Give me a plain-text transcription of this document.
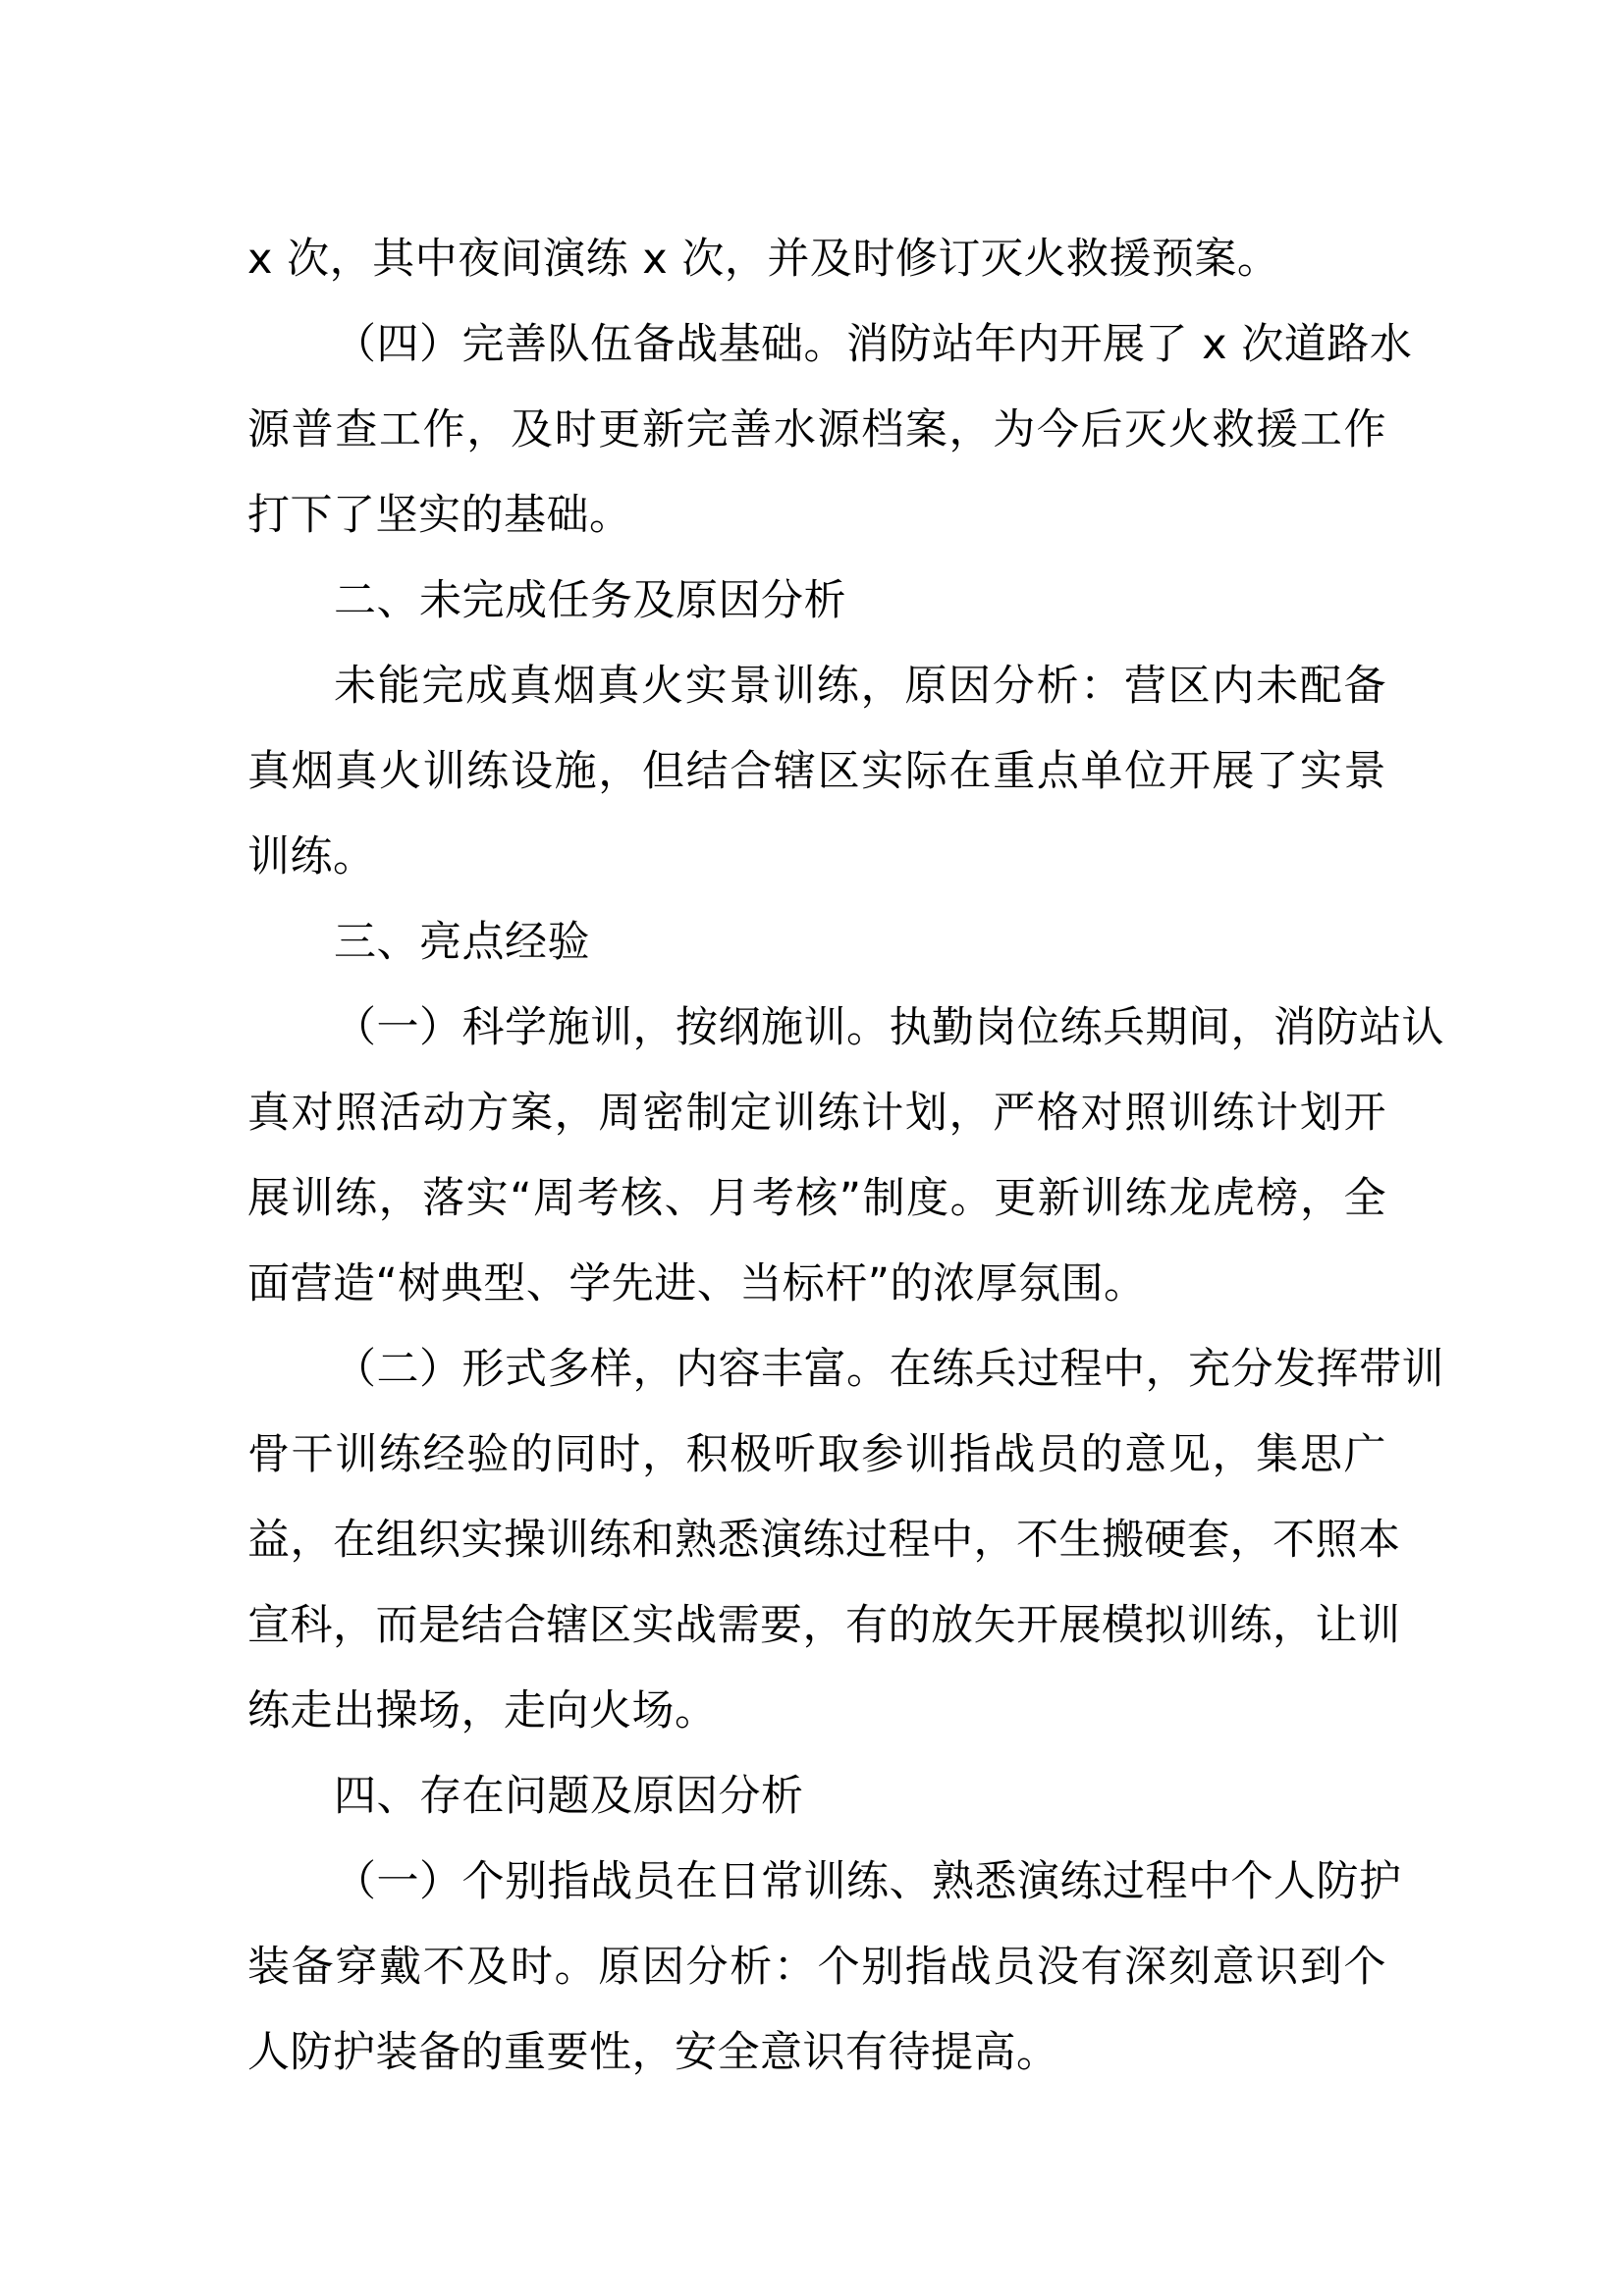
x 次，其中夜间演练 x 次，并及时修订灭火救援预案。
（四）完善队伍备战基础。消防站年内开展了 x 次道路水
源普查工作，及时更新完善水源档案，为今后灭火救援工作
打下了坚实的基础。
二、未完成任务及原因分析
未能完成真烟真火实景训练，原因分析：营区内未配备
真烟真火训练设施，但结合辖区实际在重点单位开展了实景
训练。
三、亮点经验
（一）科学施训，按纲施训。执勤岗位练兵期间，消防站认
真对照活动方案，周密制定训练计划，严格对照训练计划开
展训练，落实“周考核、月考核”制度。更新训练龙虎榜，全
面营造“树典型、学先进、当标杆”的浓厚氛围。
（二）形式多样，内容丰富。在练兵过程中，充分发挥带训
骨干训练经验的同时，积极听取参训指战员的意见，集思广
益，在组织实操训练和熟悉演练过程中，不生搬硬套，不照本
宣科，而是结合辖区实战需要，有的放矢开展模拟训练，让训
练走出操场，走向火场。
四、存在问题及原因分析
（一）个别指战员在日常训练、熟悉演练过程中个人防护
装备穿戴不及时。原因分析：个别指战员没有深刻意识到个
人防护装备的重要性，安全意识有待提高。
